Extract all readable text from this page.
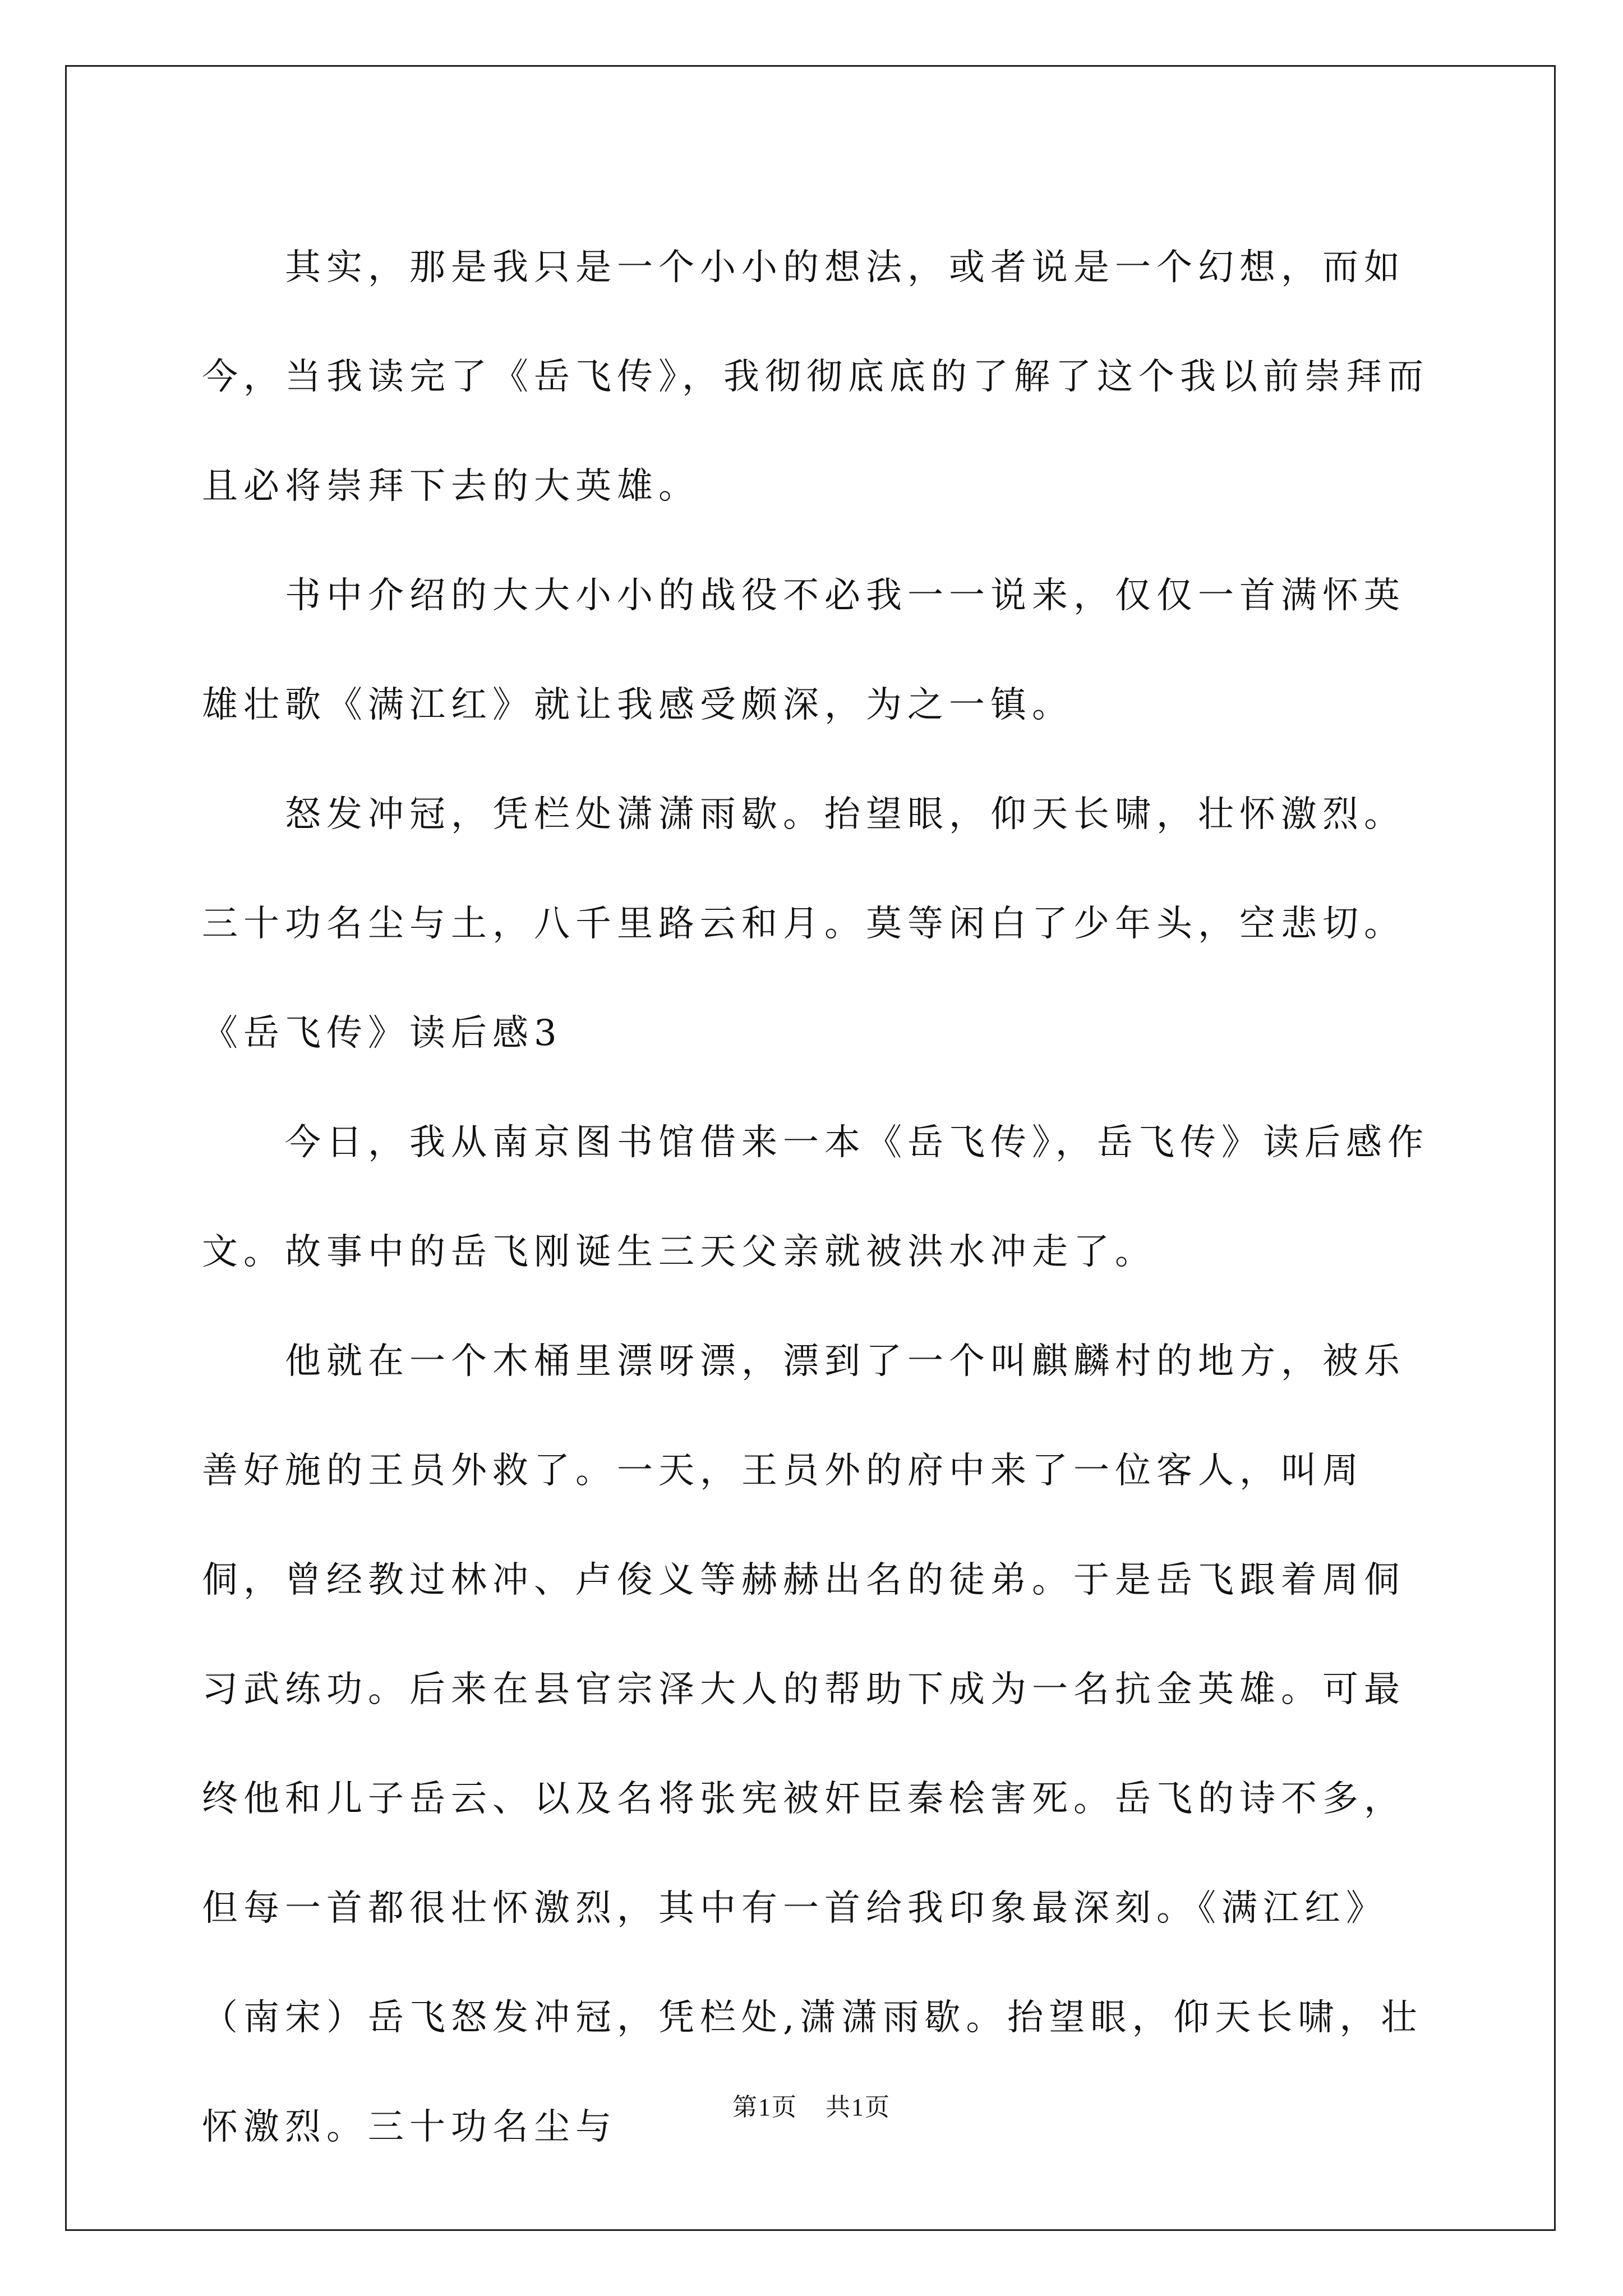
其实，那是我只是一个小小的想法，或者说是一个幻想，而如今，当我读完了《岳飞传》，我彻彻底底的了解了这个我以前崇拜而且必将崇拜下去的大英雄。

书中介绍的大大小小的战役不必我一一说来，仅仅一首满怀英雄壮歌《满江红》就让我感受颇深，为之一镇。

怒发冲冠，凭栏处潇潇雨歇。抬望眼，仰天长啸，壮怀激烈。三十功名尘与土，八千里路云和月。莫等闲白了少年头，空悲切。

《岳飞传》读后感3

今日，我从南京图书馆借来一本《岳飞传》，岳飞传》读后感作文。故事中的岳飞刚诞生三天父亲就被洪水冲走了。

他就在一个木桶里漂呀漂，漂到了一个叫麒麟村的地方，被乐善好施的王员外救了。一天，王员外的府中来了一位客人，叫周侗，曾经教过林冲、卢俊义等赫赫出名的徒弟。于是岳飞跟着周侗习武练功。后来在县官宗泽大人的帮助下成为一名抗金英雄。可最终他和儿子岳云、以及名将张宪被奸臣秦桧害死。岳飞的诗不多，但每一首都很壮怀激烈，其中有一首给我印象最深刻。《满江红》（南宋）岳飞怒发冲冠，凭栏处,潇潇雨歇。抬望眼，仰天长啸，壮怀激烈。三十功名尘与	第1页 共1页
